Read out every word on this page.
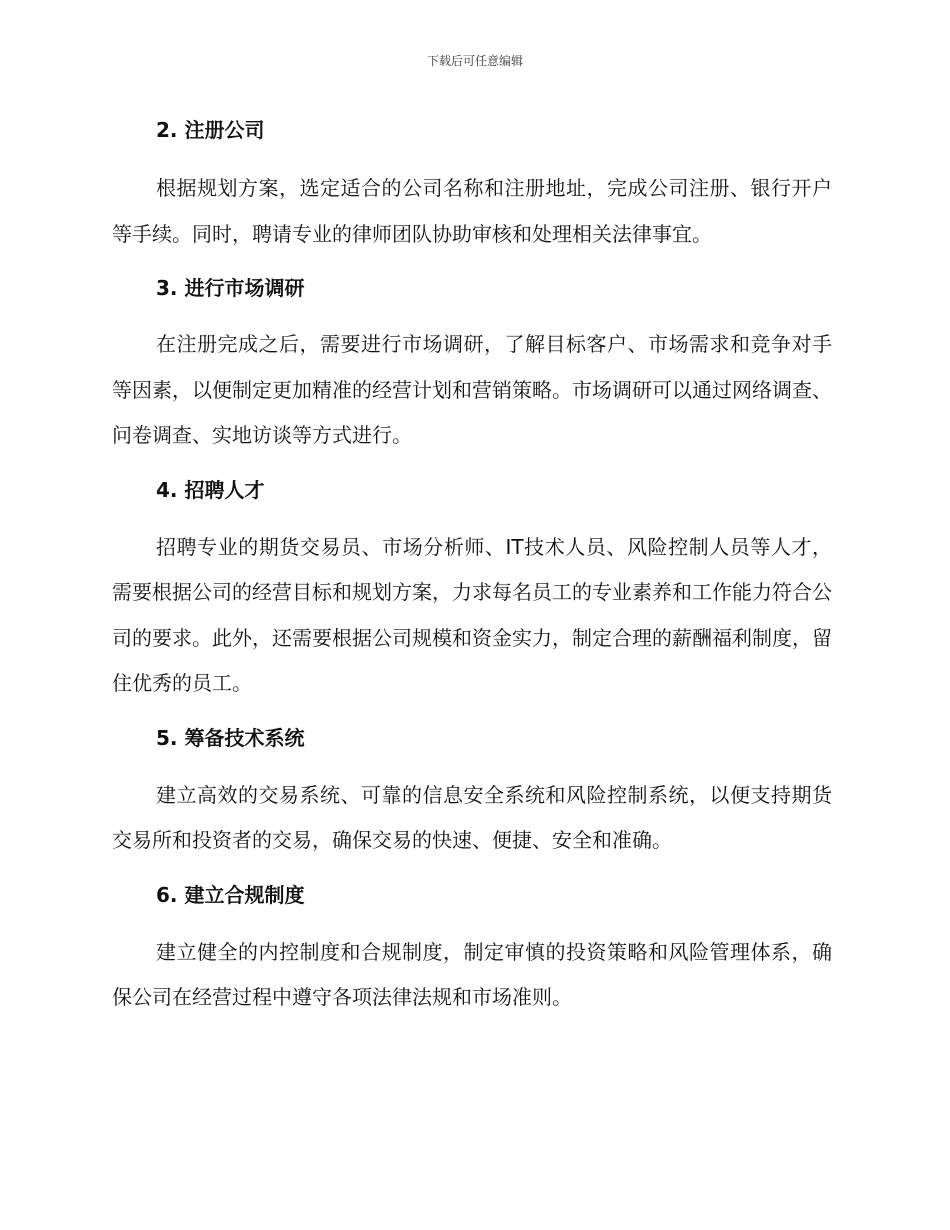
下载后可任意编辑
2. 注册公司

根据规划方案，选定适合的公司名称和注册地址，完成公司注册、银行开户等手续。同时，聘请专业的律师团队协助审核和处理相关法律事宜。

3. 进行市场调研

在注册完成之后，需要进行市场调研，了解目标客户、市场需求和竞争对手等因素，以便制定更加精准的经营计划和营销策略。市场调研可以通过网络调查、问卷调查、实地访谈等方式进行。

4. 招聘人才

招聘专业的期货交易员、市场分析师、IT技术人员、风险控制人员等人才，需要根据公司的经营目标和规划方案，力求每名员工的专业素养和工作能力符合公司的要求。此外，还需要根据公司规模和资金实力，制定合理的薪酬福利制度，留住优秀的员工。

5. 筹备技术系统

建立高效的交易系统、可靠的信息安全系统和风险控制系统，以便支持期货交易所和投资者的交易，确保交易的快速、便捷、安全和准确。

6. 建立合规制度

建立健全的内控制度和合规制度，制定审慎的投资策略和风险管理体系，确保公司在经营过程中遵守各项法律法规和市场准则。
